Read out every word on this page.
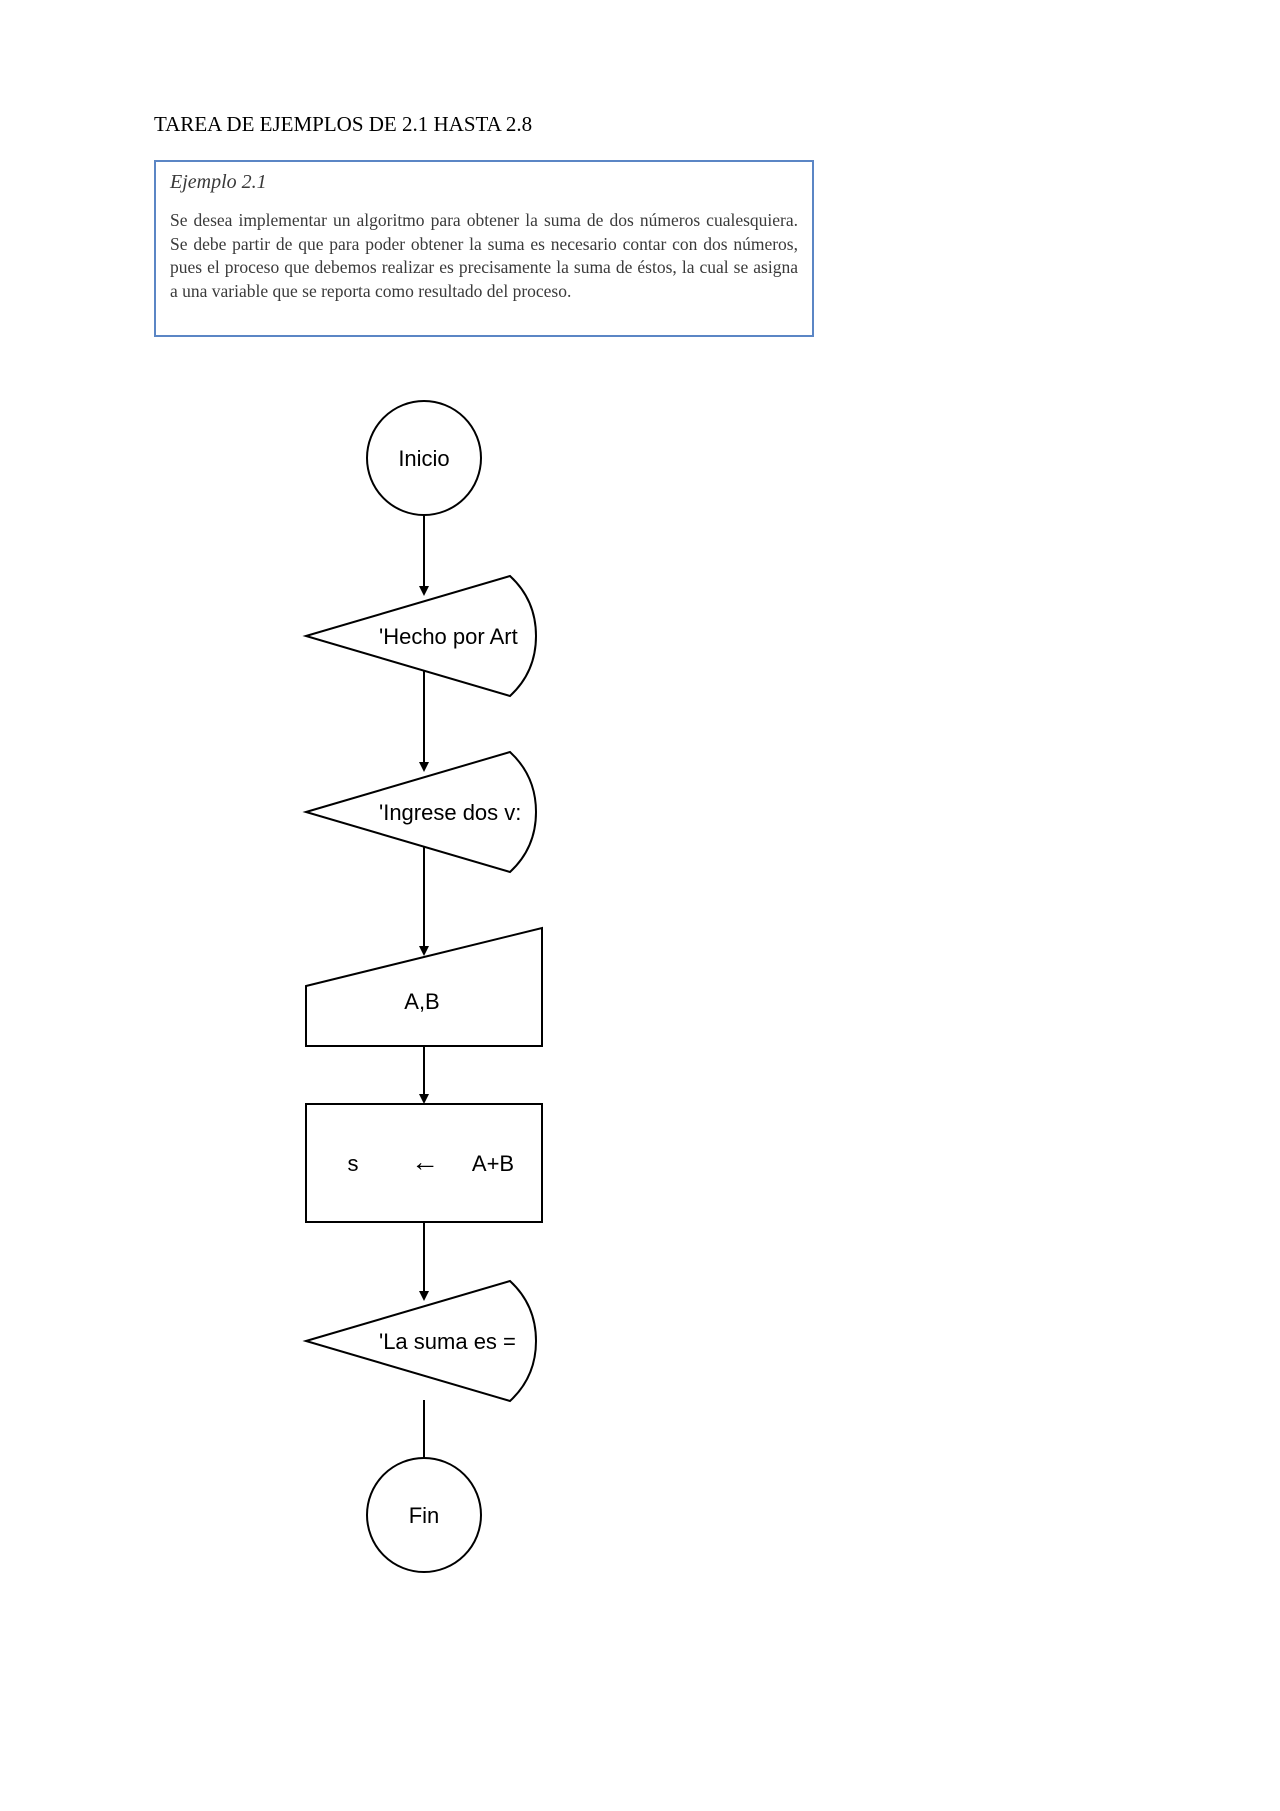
TAREA DE EJEMPLOS DE 2.1 HASTA 2.8
Ejemplo 2.1
Se desea implementar un algoritmo para obtener la suma de dos números cualesquiera. Se debe partir de que para poder obtener la suma es necesario contar con dos números, pues el proceso que debemos realizar es precisamente la suma de éstos, la cual se asigna a una variable que se reporta como resultado del proceso.
Inicio
'Hecho por Art
'Ingrese dos v:
A,B
s ← A+B
'La suma es =
Fin
